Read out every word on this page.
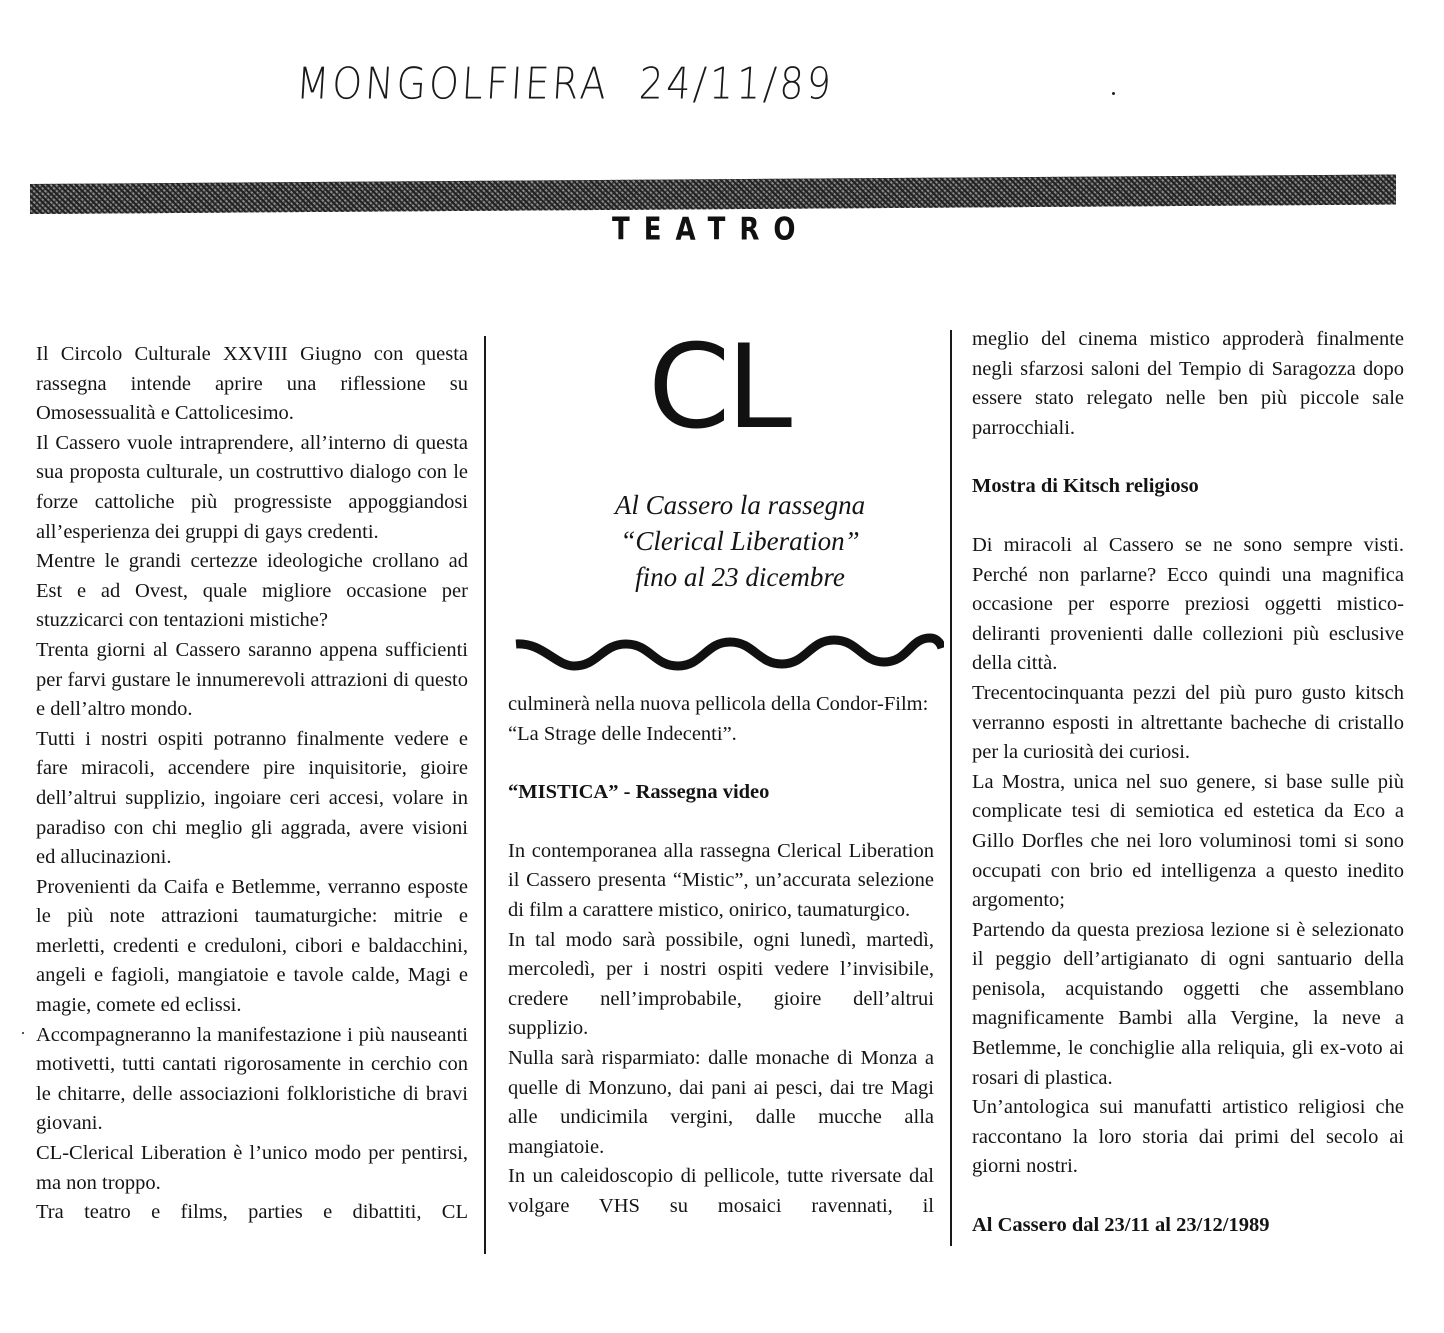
MONGOLFIERA  24/11/89
TEATRO

Il Circolo Culturale XXVIII Giugno con questa rassegna intende aprire una riflessione su Omosessualità e Cattolicesimo.

Il Cassero vuole intraprendere, all’interno di questa sua proposta culturale, un costruttivo dialogo con le forze cattoliche più progressiste appoggiandosi all’esperienza dei gruppi di gays credenti.

Mentre le grandi certezze ideologiche crollano ad Est e ad Ovest, quale migliore occasione per stuzzicarci con tentazioni mistiche?

Trenta giorni al Cassero saranno appena sufficienti per farvi gustare le innumerevoli attrazioni di questo e dell’altro mondo.

Tutti i nostri ospiti potranno finalmente vedere e fare miracoli, accendere pire inquisitorie, gioire dell’altrui supplizio, ingoiare ceri accesi, volare in paradiso con chi meglio gli aggrada, avere visioni ed allucinazioni.

Provenienti da Caifa e Betlemme, verranno esposte le più note attrazioni taumaturgiche: mitrie e merletti, credenti e creduloni, cibori e baldacchini, angeli e fagioli, mangiatoie e tavole calde, Magi e magie, comete ed eclissi.

Accompagneranno la manifestazione i più nauseanti motivetti, tutti cantati rigorosamente in cerchio con le chitarre, delle associazioni folkloristiche di bravi giovani.

CL-Clerical Liberation è l’unico modo per pentirsi, ma non troppo.

Tra teatro e films, parties e dibattiti, CL

CL
Al Cassero la rassegna
“Clerical Liberation”
fino al 23 dicembre

culminerà nella nuova pellicola della Condor-Film: “La Strage delle Indecenti”.

“MISTICA” - Rassegna video

In contemporanea alla rassegna Clerical Liberation il Cassero presenta “Mistic”, un’accurata selezione di film a carattere mistico, onirico, taumaturgico.

In tal modo sarà possibile, ogni lunedì, martedì, mercoledì, per i nostri ospiti vedere l’invisibile, credere nell’improbabile, gioire dell’altrui supplizio.

Nulla sarà risparmiato: dalle monache di Monza a quelle di Monzuno, dai pani ai pesci, dai tre Magi alle undicimila vergini, dalle mucche alla mangiatoie.

In un caleidoscopio di pellicole, tutte riversate dal volgare VHS su mosaici ravennati, il

meglio del cinema mistico approderà finalmente negli sfarzosi saloni del Tempio di Saragozza dopo essere stato relegato nelle ben più piccole sale parrocchiali.

Mostra di Kitsch religioso

Di miracoli al Cassero se ne sono sempre visti. Perché non parlarne? Ecco quindi una magnifica occasione per esporre preziosi oggetti mistico-deliranti provenienti dalle collezioni più esclusive della città.

Trecentocinquanta pezzi del più puro gusto kitsch verranno esposti in altrettante bacheche di cristallo per la curiosità dei curiosi.

La Mostra, unica nel suo genere, si base sulle più complicate tesi di semiotica ed estetica da Eco a Gillo Dorfles che nei loro voluminosi tomi si sono occupati con brio ed intelligenza a questo inedito argomento;

Partendo da questa preziosa lezione si è selezionato il peggio dell’artigianato di ogni santuario della penisola, acquistando oggetti che assemblano magnificamente Bambi alla Vergine, la neve a Betlemme, le conchiglie alla reliquia, gli ex-voto ai rosari di plastica.

Un’antologica sui manufatti artistico religiosi che raccontano la loro storia dai primi del secolo ai giorni nostri.

Al Cassero dal 23/11 al 23/12/1989
